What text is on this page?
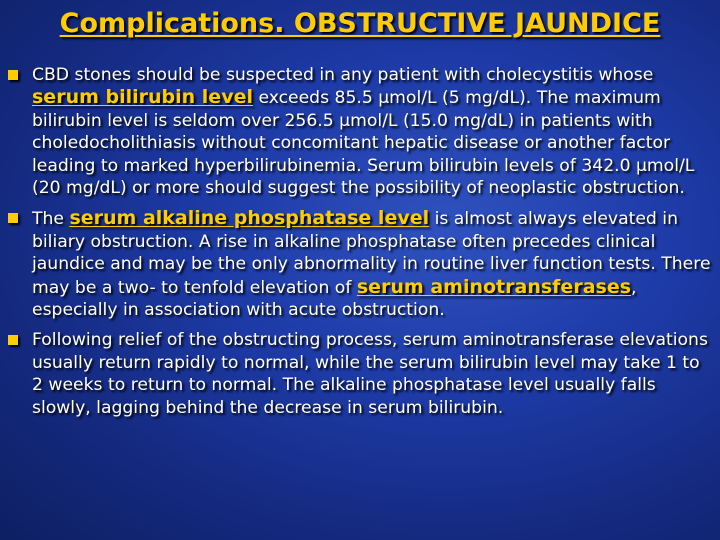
Complications. OBSTRUCTIVE JAUNDICE
CBD stones should be suspected in any patient with cholecystitis whose serum bilirubin level exceeds 85.5 µmol/L (5 mg/dL). The maximum bilirubin level is seldom over 256.5 µmol/L (15.0 mg/dL) in patients with choledocholithiasis without concomitant hepatic disease or another factor leading to marked hyperbilirubinemia. Serum bilirubin levels of 342.0 µmol/L (20 mg/dL) or more should suggest the possibility of neoplastic obstruction.
The serum alkaline phosphatase level is almost always elevated in biliary obstruction. A rise in alkaline phosphatase often precedes clinical jaundice and may be the only abnormality in routine liver function tests. There may be a two- to tenfold elevation of serum aminotransferases, especially in association with acute obstruction.
Following relief of the obstructing process, serum aminotransferase elevations usually return rapidly to normal, while the serum bilirubin level may take 1 to 2 weeks to return to normal. The alkaline phosphatase level usually falls slowly, lagging behind the decrease in serum bilirubin.
